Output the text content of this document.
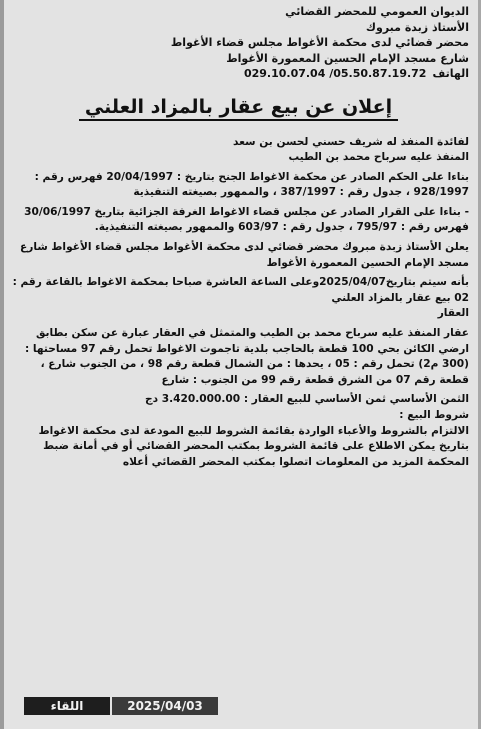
الديوان العمومي للمحضر القضائي
الأستاذ زبدة مبروك
محضر قضائي لدى محكمة الأغواط مجلس قضاء الأغواط
شارع مسجد الإمام الحسين المعمورة الأغواط
الهاتف
029.10.07.04 /05.50.87.19.72
إعلان عن بيع عقار بالمزاد العلني

لفائدة المنفذ له شريف حسني لحسن بن سعد

المنفذ عليه سرباح محمد بن الطيب

بناءا على الحكم الصادر عن محكمة الاغواط الجنح بتاريخ : 20/04/1997 فهرس رقم : 928/1997 ، جدول رقم : 387/1997 ، والممهور بصيغته التنفيذية

- بناءا على القرار الصادر عن مجلس قضاء الاغواط الغرفة الجزائية بتاريخ 30/06/1997 فهرس رقم : 795/97 ، جدول رقم : 603/97 والممهور بصيغته التنفيذية.

يعلن الأستاذ زبدة مبروك محضر قضائي لدى محكمة الأغواط مجلس قضاء الأغواط شارع مسجد الإمام الحسين المعمورة الأغواط

بأنه سيتم بتاريخ2025/04/07وعلى الساعة العاشرة صباحا بمحكمة الاغواط بالقاعة رقم : 02 بيع عقار بالمزاد العلني

العقار

عقار المنفذ عليه سرباح محمد بن الطيب والمتمثل في العقار عبارة عن سكن بطابق ارضي الكائن بحي 100 قطعة بالحاجب بلدية تاجموت الاغواط تحمل رقم 97 مساحتها : (300 م2) تحمل رقم : 05 ، يحدها : من الشمال قطعة رقم 98 ، من الجنوب شارع ، قطعة رقم 07 من الشرق قطعة رقم 99 من الجنوب : شارع

الثمن الأساسي ثمن الأساسي للبيع العقار : 3.420.000.00 دج

شروط البيع :

الالتزام بالشروط والأعباء الواردة بقائمة الشروط للبيع المودعة لدى محكمة الاغواط بتاريخ يمكن الاطلاع على قائمة الشروط بمكتب المحضر القضائي أو في أمانة ضبط المحكمة المزيد من المعلومات اتصلوا بمكتب المحضر القضائي أعلاه

اللقاء	2025/04/03
